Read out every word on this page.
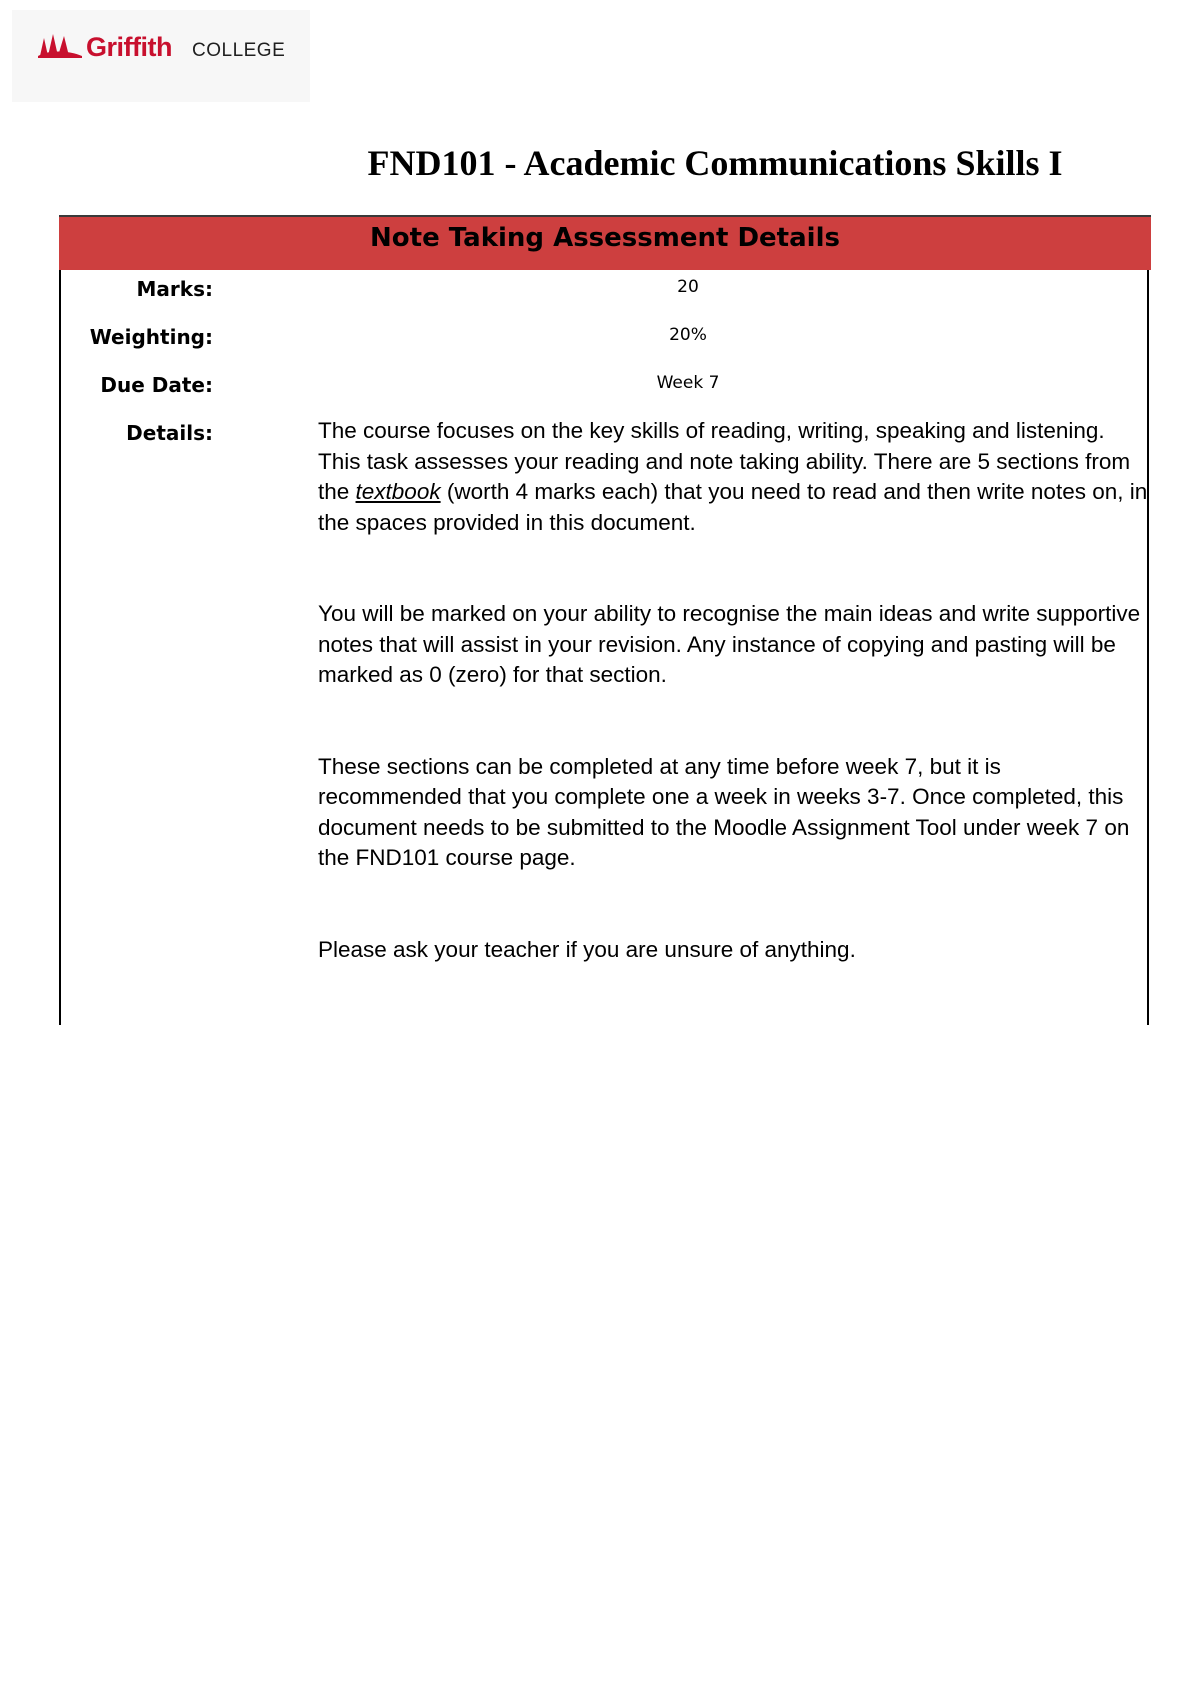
Griffith COLLEGE
FND101 - Academic Communications Skills I
Note Taking Assessment Details
Marks:	20
Weighting:	20%
Due Date:	Week 7
Details:	The course focuses on the key skills of reading, writing, speaking and listening. This task assesses your reading and note taking ability. There are 5 sections from the textbook (worth 4 marks each) that you need to read and then write notes on, in the spaces provided in this document.

You will be marked on your ability to recognise the main ideas and write supportive notes that will assist in your revision. Any instance of copying and pasting will be marked as 0 (zero) for that section.

These sections can be completed at any time before week 7, but it is recommended that you complete one a week in weeks 3-7. Once completed, this document needs to be submitted to the Moodle Assignment Tool under week 7 on the FND101 course page.

Please ask your teacher if you are unsure of anything.
